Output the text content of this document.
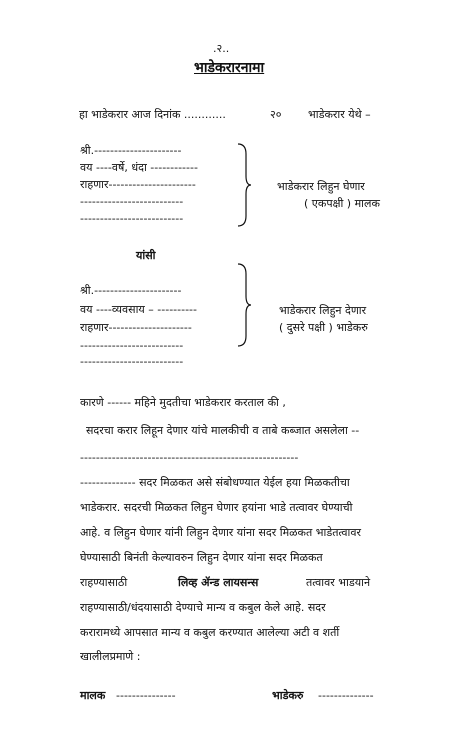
.२..
भाडेकरारनामा
हा भाडेकरार आज दिनांक ............	२० भाडेकरार येथे –
श्री.----------------------
वय ----वर्षे, धंदा ------------
राहणार----------------------
--------------------------
--------------------------
भाडेकरार लिहुन घेणार
( एकपक्षी ) मालक
यांसी
श्री.----------------------
वय ----व्यवसाय – ----------
राहणार---------------------
--------------------------
--------------------------
भाडेकरार लिहुन देणार
( दुसरे पक्षी ) भाडेकरु
कारणे ------ महिने मुदतीचा भाडेकरार करताल की ,
सदरचा करार लिहून देणार यांचे मालकीची व ताबे कब्जात असलेला --
-------------------------------------------------------
-------------- सदर मिळकत असे संबोधण्यात येईल हया मिळकतीचा
भाडेकरार. सदरची मिळकत लिहुन घेणार हयांना भाडे तत्वावर घेण्याची
आहे. व लिहुन घेणार यांनी लिहुन देणार यांना सदर मिळकत भाडेतत्वावर
घेण्यासाठी बिनंती केल्यावरुन लिहुन देणार यांना सदर मिळकत
राहण्यासाठी	लिव्ह ॲन्ड लायसन्स	तत्वावर भाडयाने
राहण्यासाठी/धंदयासाठी देण्याचे मान्य व कबुल केले आहे. सदर
करारामध्ये आपसात मान्य व कबुल करण्यात आलेल्या अटी व शर्ती
खालीलप्रमाणे :
मालक ---------------	भाडेकरु --------------
